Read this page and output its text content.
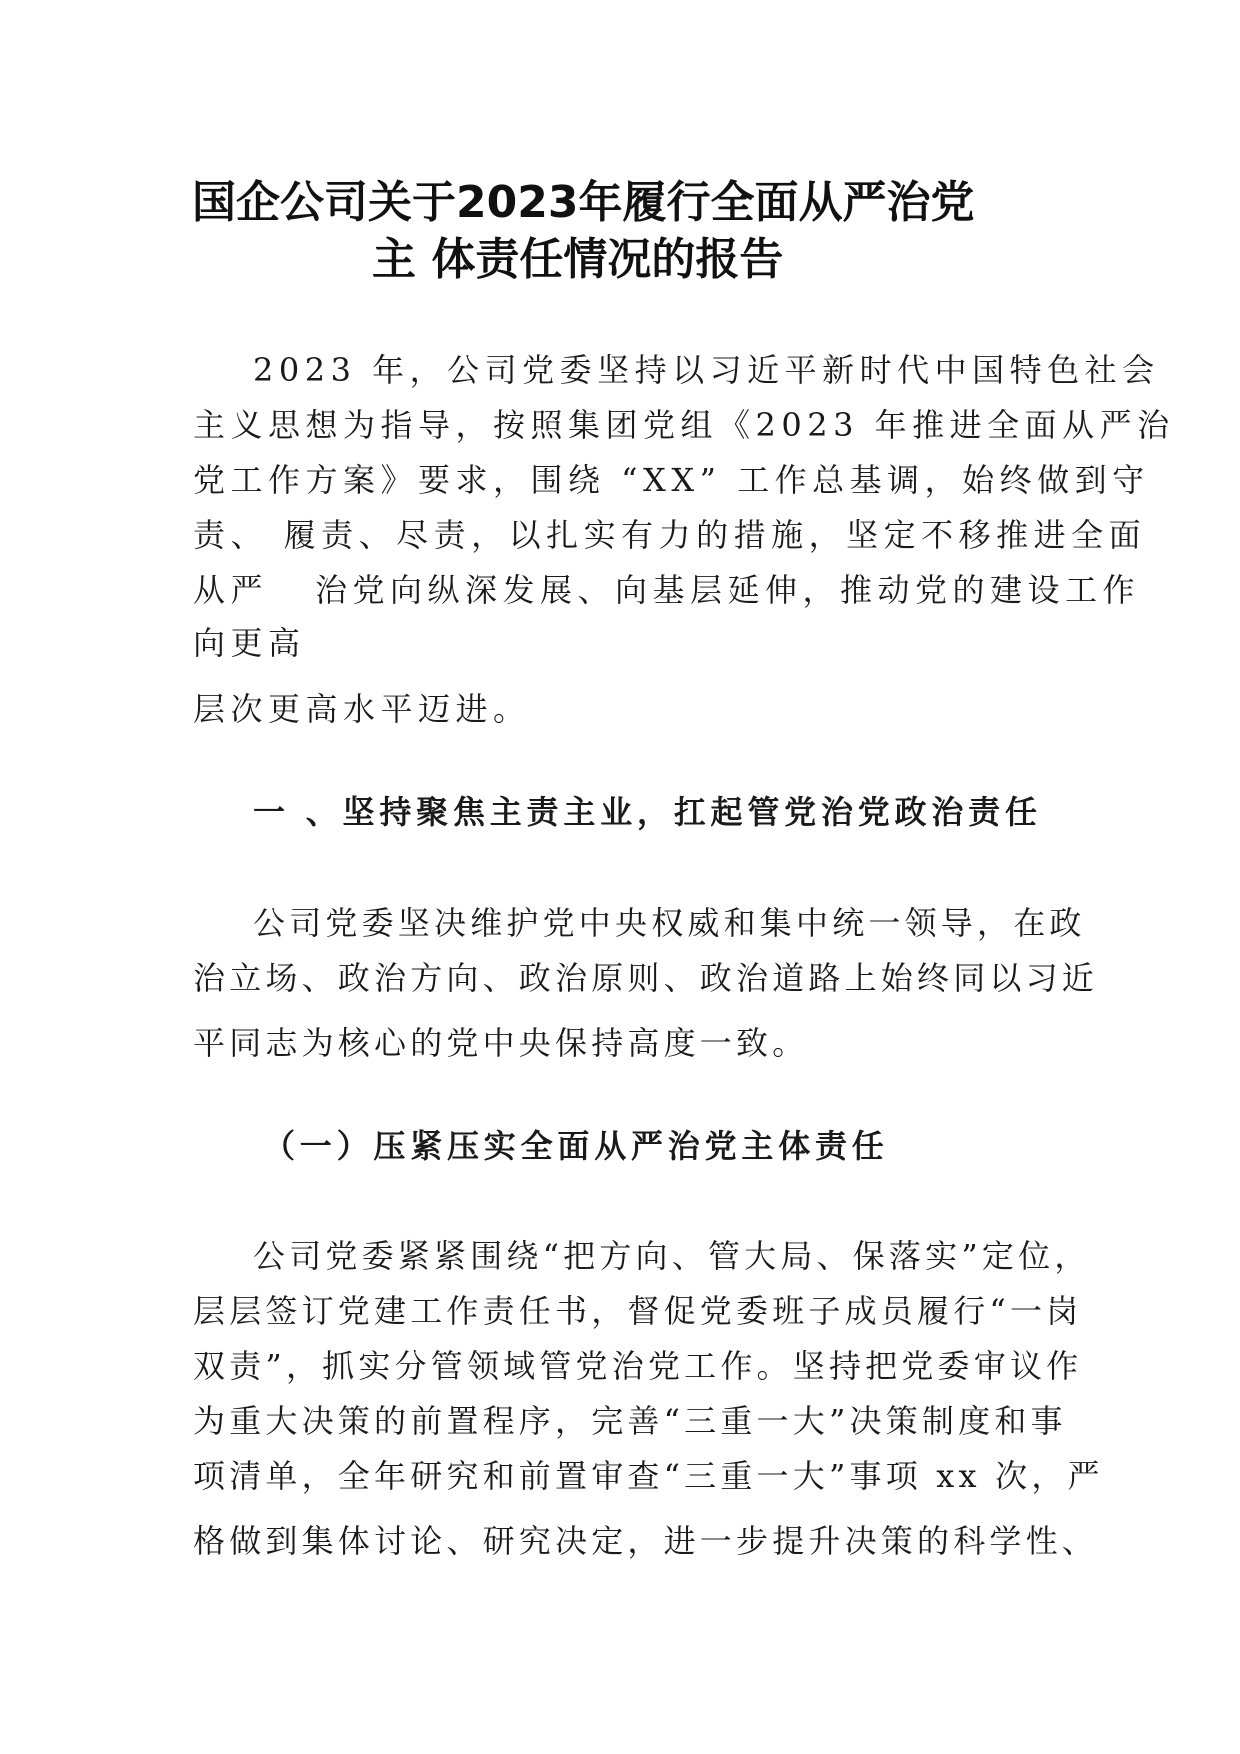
国企公司关于2023年履行全面从严治党
主 体责任情况的报告

2023 年，公司党委坚持以习近平新时代中国特色社会

主义思想为指导，按照集团党组《2023 年推进全面从严治

党工作方案》要求，围绕 “XX” 工作总基调，始终做到守

责、 履责、尽责，以扎实有力的措施，坚定不移推进全面

从严   治党向纵深发展、向基层延伸，推动党的建设工作

向更高

层次更高水平迈进。

一 、坚持聚焦主责主业，扛起管党治党政治责任

公司党委坚决维护党中央权威和集中统一领导，在政

治立场、政治方向、政治原则、政治道路上始终同以习近

平同志为核心的党中央保持高度一致。

（一）压紧压实全面从严治党主体责任

公司党委紧紧围绕“把方向、管大局、保落实”定位，

层层签订党建工作责任书，督促党委班子成员履行“一岗

双责”，抓实分管领域管党治党工作。坚持把党委审议作

为重大决策的前置程序，完善“三重一大”决策制度和事

项清单，全年研究和前置审查“三重一大”事项 xx 次，严

格做到集体讨论、研究决定，进一步提升决策的科学性、
